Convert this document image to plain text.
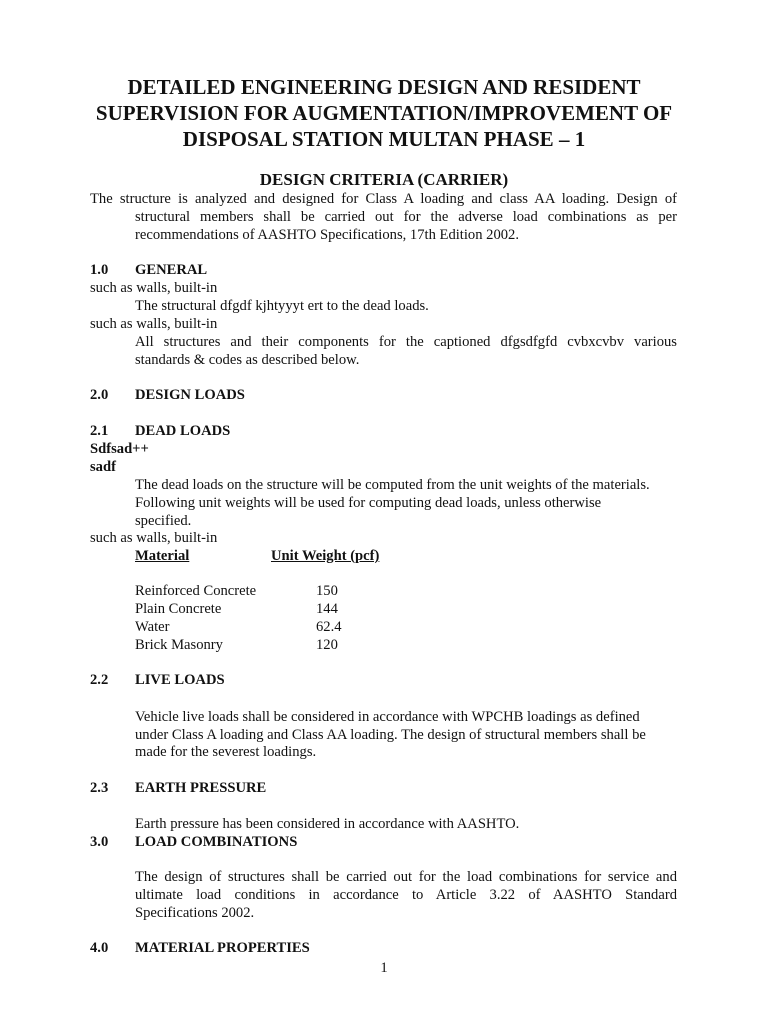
DETAILED ENGINEERING DESIGN AND RESIDENT SUPERVISION FOR AUGMENTATION/IMPROVEMENT OF DISPOSAL STATION MULTAN PHASE – 1
DESIGN CRITERIA (CARRIER)
The structure is analyzed and designed for Class A loading and class AA loading. Design of
structural members shall be carried out for the adverse load combinations as per
recommendations of AASHTO Specifications, 17th Edition 2002.
1.0 GENERAL
such as walls, built-in
The structural dfgdf kjhtyyyt ert to the dead loads.
such as walls, built-in
All structures and their components for the captioned dfgsdfgfd cvbxcvbv various
standards & codes as described below.
2.0 DESIGN LOADS
2.1 DEAD LOADS
Sdfsad++
sadf
The dead loads on the structure will be computed from the unit weights of the materials.
Following unit weights will be used for computing dead loads, unless otherwise
specified.
such as walls, built-in
Material	Unit Weight (pcf)
Reinforced Concrete	150
Plain Concrete	144
Water	62.4
Brick Masonry	120
2.2 LIVE LOADS
Vehicle live loads shall be considered in accordance with WPCHB loadings as defined
under Class A loading and Class AA loading. The design of structural members shall be
made for the severest loadings.
2.3 EARTH PRESSURE
Earth pressure has been considered in accordance with AASHTO.
3.0 LOAD COMBINATIONS
The design of structures shall be carried out for the load combinations for service and
ultimate load conditions in accordance to Article 3.22 of AASHTO Standard
Specifications 2002.
4.0 MATERIAL PROPERTIES
1
